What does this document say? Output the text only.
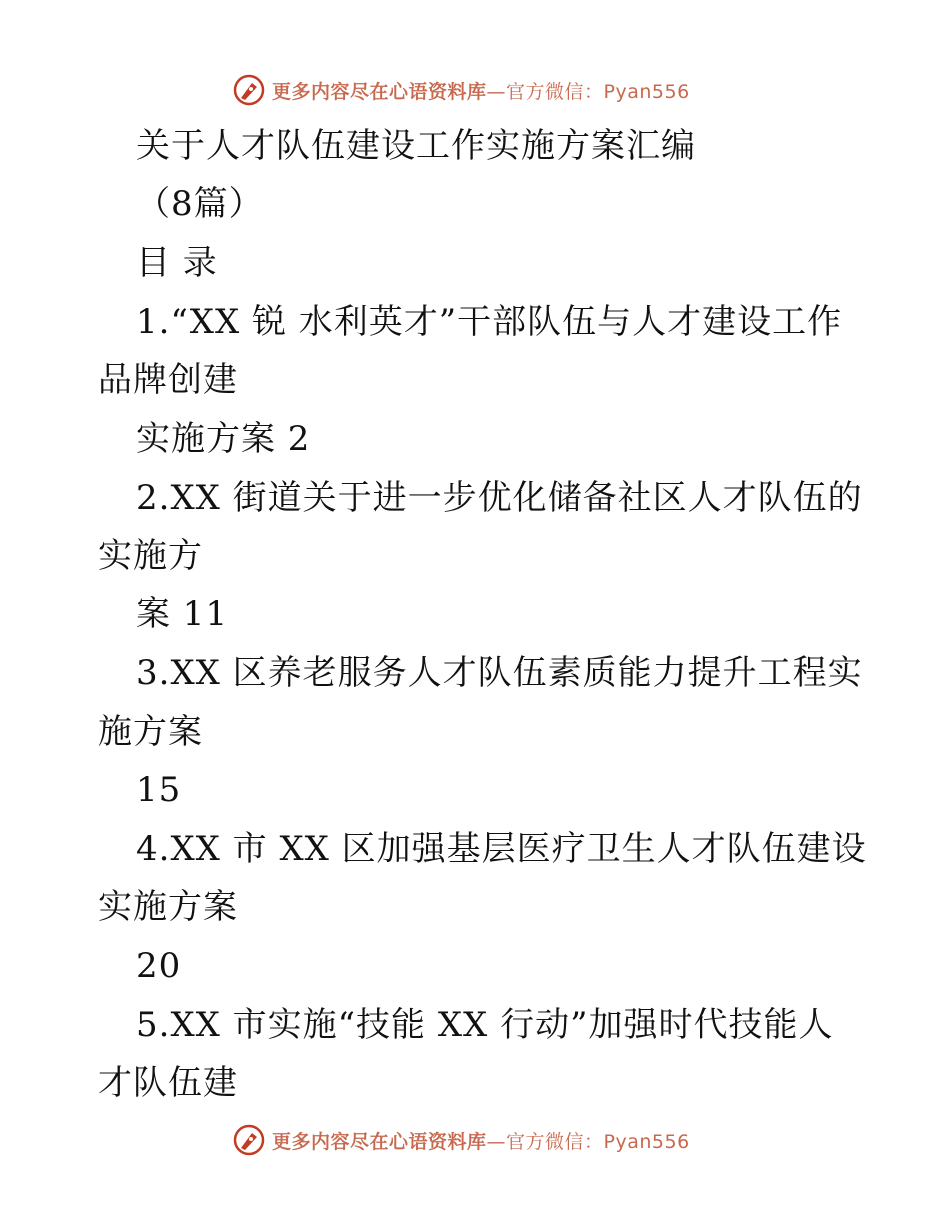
更多内容尽在心语资料库—官方微信：Pyan556
关于人才队伍建设工作实施方案汇编
（8篇）
目 录
1.“XX 锐 水利英才”干部队伍与人才建设工作
品牌创建
实施方案 2
2.XX 街道关于进一步优化储备社区人才队伍的
实施方
案 11
3.XX 区养老服务人才队伍素质能力提升工程实
施方案
15
4.XX 市 XX 区加强基层医疗卫生人才队伍建设
实施方案
20
5.XX 市实施“技能 XX 行动”加强时代技能人
才队伍建
更多内容尽在心语资料库—官方微信：Pyan556
